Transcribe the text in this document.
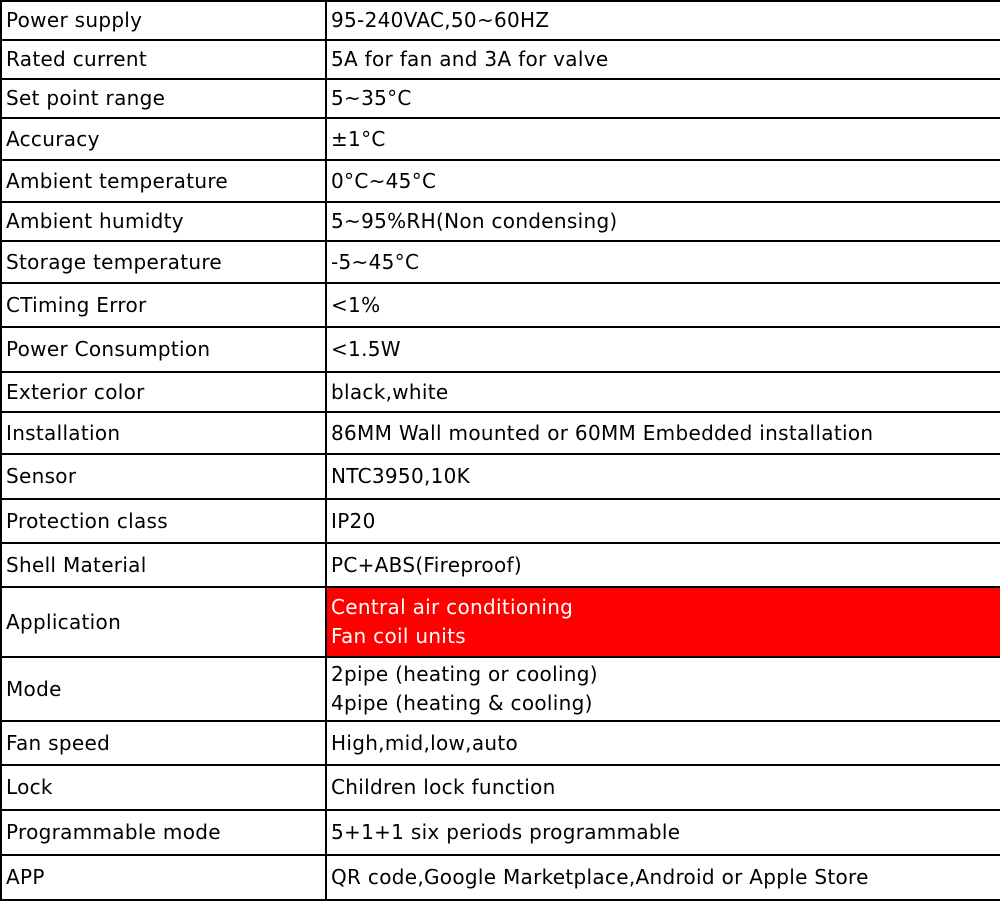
Power supply	95-240VAC,50~60HZ

Rated current	5A for fan and 3A for valve

Set point range	5~35°C

Accuracy	±1°C

Ambient temperature	0°C~45°C

Ambient humidty	5~95%RH(Non condensing)

Storage temperature	-5~45°C

CTiming Error	<1%

Power Consumption	<1.5W

Exterior color	black,white

Installation	86MM Wall mounted or 60MM Embedded installation

Sensor	NTC3950,10K

Protection class	IP20

Shell Material	PC+ABS(Fireproof)

Application	Central air conditioning
Fan coil units

Mode	2pipe (heating or cooling)
4pipe (heating & cooling)

Fan speed	High,mid,low,auto

Lock	Children lock function

Programmable mode	5+1+1 six periods programmable

APP	QR code,Google Marketplace,Android or Apple Store
